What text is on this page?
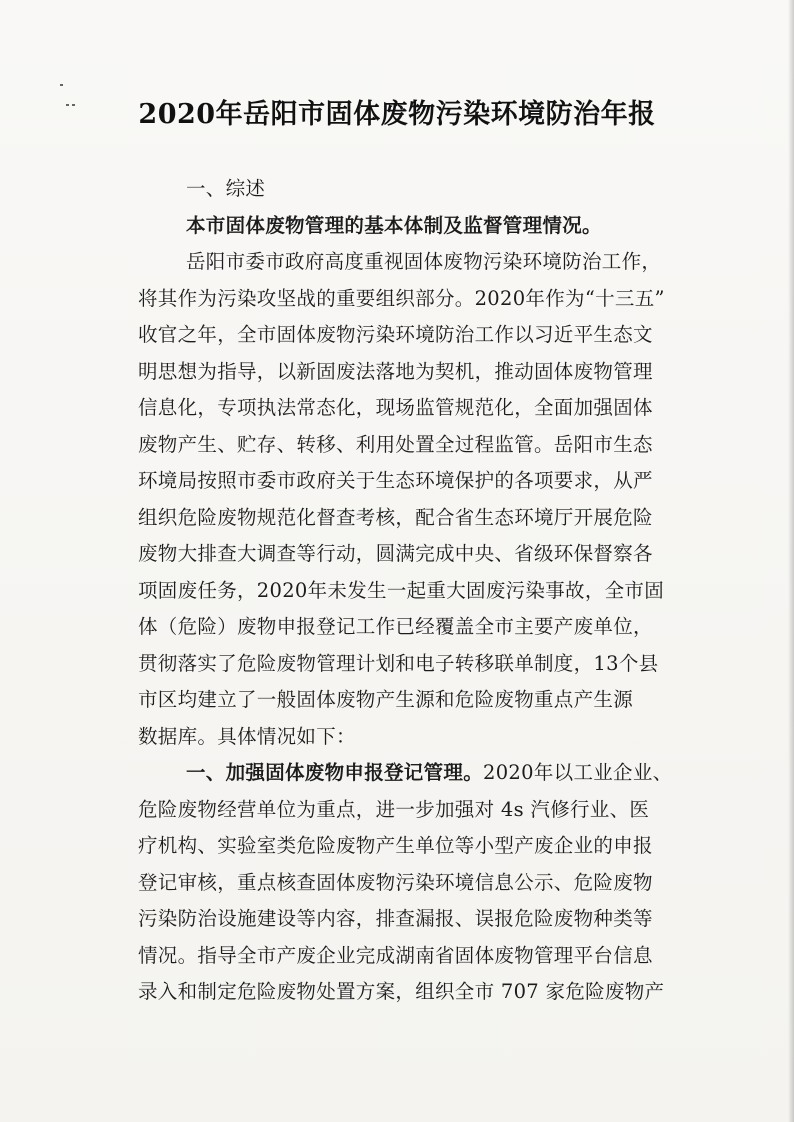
2020年岳阳市固体废物污染环境防治年报
一、综述
本市固体废物管理的基本体制及监督管理情况。
岳阳市委市政府高度重视固体废物污染环境防治工作，
将其作为污染攻坚战的重要组织部分。2020年作为“十三五”
收官之年，全市固体废物污染环境防治工作以习近平生态文
明思想为指导，以新固废法落地为契机，推动固体废物管理
信息化，专项执法常态化，现场监管规范化，全面加强固体
废物产生、贮存、转移、利用处置全过程监管。岳阳市生态
环境局按照市委市政府关于生态环境保护的各项要求，从严
组织危险废物规范化督查考核，配合省生态环境厅开展危险
废物大排查大调查等行动，圆满完成中央、省级环保督察各
项固废任务，2020年未发生一起重大固废污染事故，全市固
体（危险）废物申报登记工作已经覆盖全市主要产废单位，
贯彻落实了危险废物管理计划和电子转移联单制度，13个县
市区均建立了一般固体废物产生源和危险废物重点产生源
数据库。具体情况如下：
一、加强固体废物申报登记管理。2020年以工业企业、
危险废物经营单位为重点，进一步加强对 4s 汽修行业、医
疗机构、实验室类危险废物产生单位等小型产废企业的申报
登记审核，重点核查固体废物污染环境信息公示、危险废物
污染防治设施建设等内容，排查漏报、误报危险废物种类等
情况。指导全市产废企业完成湖南省固体废物管理平台信息
录入和制定危险废物处置方案，组织全市 707 家危险废物产
